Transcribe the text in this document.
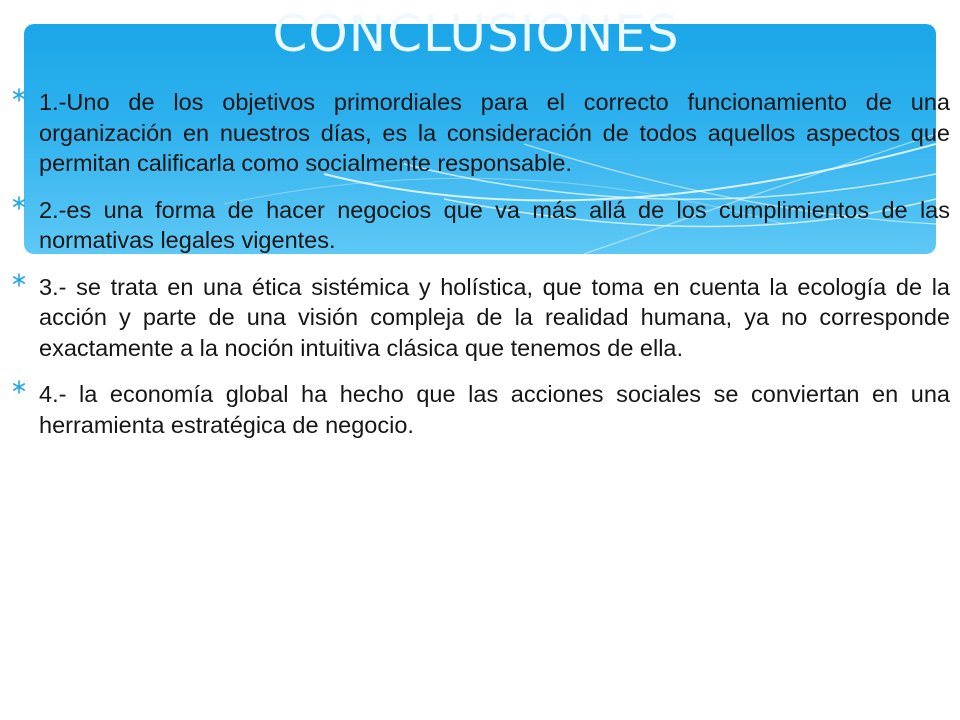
CONCLUSIONES
1.-Uno de los objetivos primordiales para el correcto funcionamiento de una organización en nuestros días, es la consideración de todos aquellos aspectos que permitan calificarla como socialmente responsable.
2.-es una forma de hacer negocios que va más allá de los cumplimientos de las normativas legales vigentes.
3.- se trata en una ética sistémica y holística, que toma en cuenta la ecología de la acción y parte de una visión compleja de la realidad humana, ya no corresponde exactamente a la noción intuitiva clásica que tenemos de ella.
4.- la economía global ha hecho que las acciones sociales se conviertan en una herramienta estratégica de negocio.
